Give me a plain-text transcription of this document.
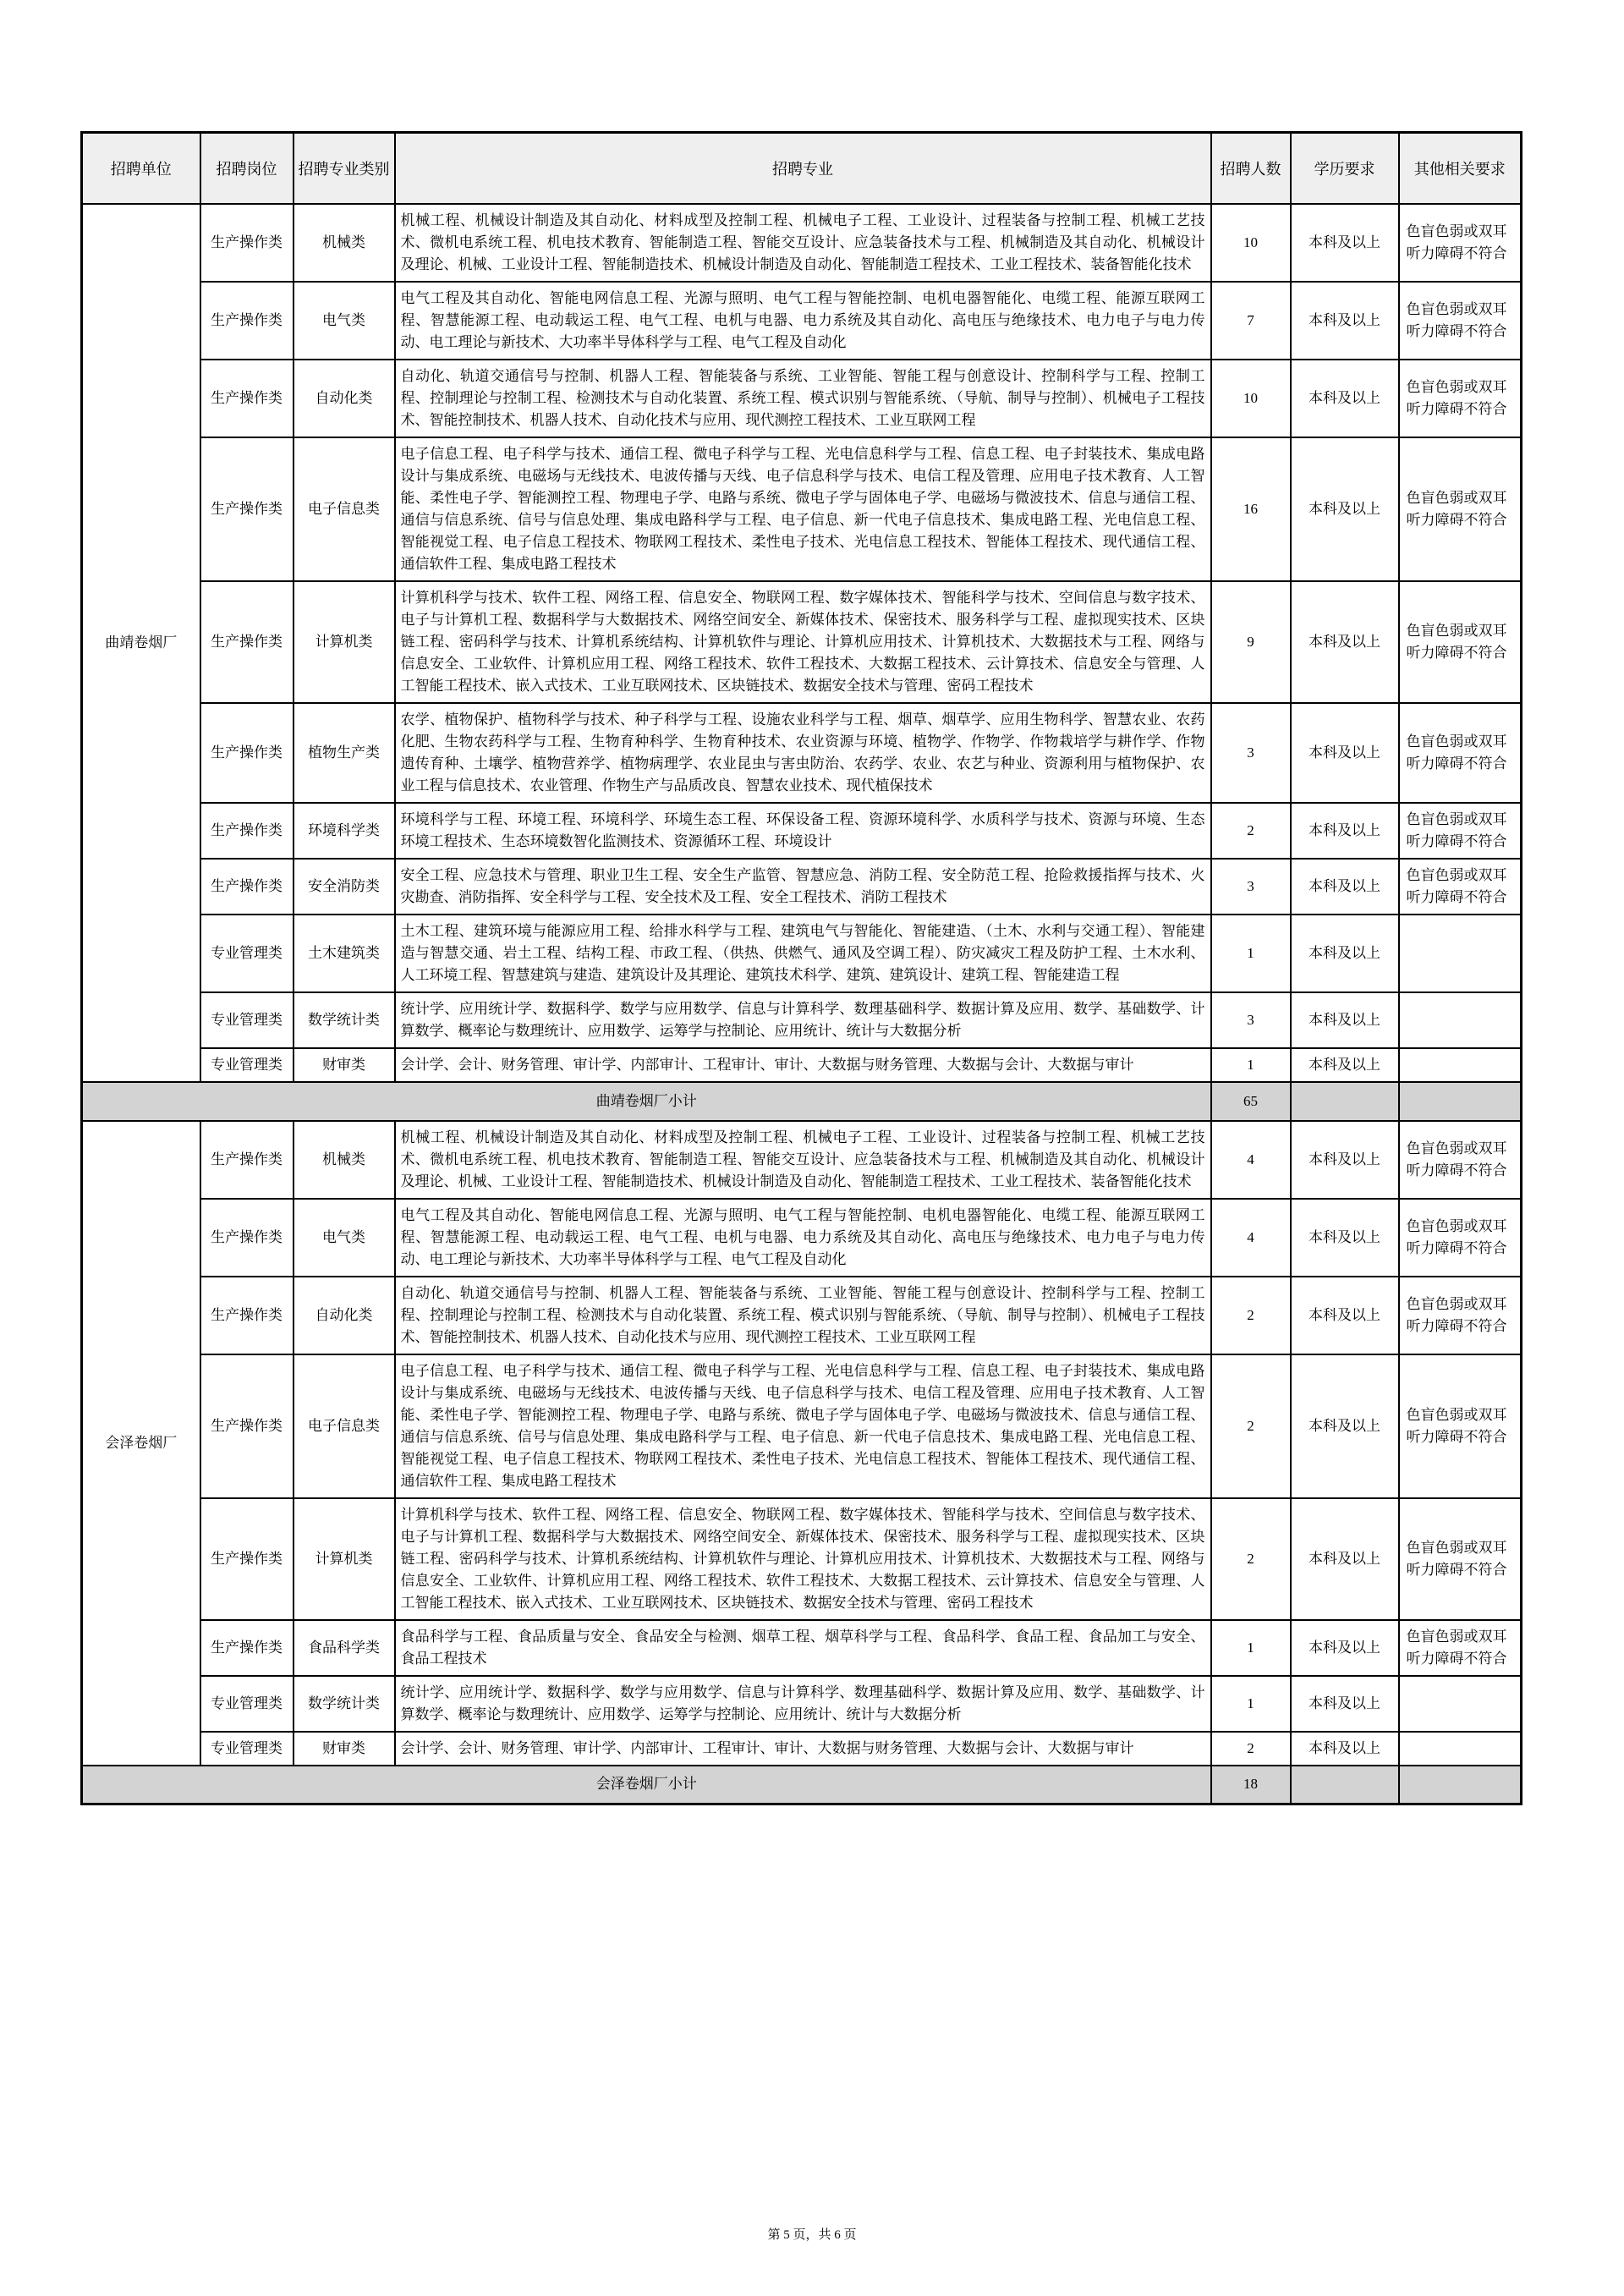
招聘单位	招聘岗位	招聘专业类别	招聘专业	招聘人数	学历要求	其他相关要求
曲靖卷烟厂	生产操作类	机械类	机械工程、机械设计制造及其自动化、材料成型及控制工程、机械电子工程、工业设计、过程装备与控制工程、机械工艺技术、微机电系统工程、机电技术教育、智能制造工程、智能交互设计、应急装备技术与工程、机械制造及其自动化、机械设计及理论、机械、工业设计工程、智能制造技术、机械设计制造及自动化、智能制造工程技术、工业工程技术、装备智能化技术	10	本科及以上	色盲色弱或双耳听力障碍不符合
	生产操作类	电气类	电气工程及其自动化、智能电网信息工程、光源与照明、电气工程与智能控制、电机电器智能化、电缆工程、能源互联网工程、智慧能源工程、电动载运工程、电气工程、电机与电器、电力系统及其自动化、高电压与绝缘技术、电力电子与电力传动、电工理论与新技术、大功率半导体科学与工程、电气工程及自动化	7	本科及以上	色盲色弱或双耳听力障碍不符合
	生产操作类	自动化类	自动化、轨道交通信号与控制、机器人工程、智能装备与系统、工业智能、智能工程与创意设计、控制科学与工程、控制工程、控制理论与控制工程、检测技术与自动化装置、系统工程、模式识别与智能系统、（导航、制导与控制）、机械电子工程技术、智能控制技术、机器人技术、自动化技术与应用、现代测控工程技术、工业互联网工程	10	本科及以上	色盲色弱或双耳听力障碍不符合
	生产操作类	电子信息类	电子信息工程、电子科学与技术、通信工程、微电子科学与工程、光电信息科学与工程、信息工程、电子封装技术、集成电路设计与集成系统、电磁场与无线技术、电波传播与天线、电子信息科学与技术、电信工程及管理、应用电子技术教育、人工智能、柔性电子学、智能测控工程、物理电子学、电路与系统、微电子学与固体电子学、电磁场与微波技术、信息与通信工程、通信与信息系统、信号与信息处理、集成电路科学与工程、电子信息、新一代电子信息技术、集成电路工程、光电信息工程、智能视觉工程、电子信息工程技术、物联网工程技术、柔性电子技术、光电信息工程技术、智能体工程技术、现代通信工程、通信软件工程、集成电路工程技术	16	本科及以上	色盲色弱或双耳听力障碍不符合
	生产操作类	计算机类	计算机科学与技术、软件工程、网络工程、信息安全、物联网工程、数字媒体技术、智能科学与技术、空间信息与数字技术、电子与计算机工程、数据科学与大数据技术、网络空间安全、新媒体技术、保密技术、服务科学与工程、虚拟现实技术、区块链工程、密码科学与技术、计算机系统结构、计算机软件与理论、计算机应用技术、计算机技术、大数据技术与工程、网络与信息安全、工业软件、计算机应用工程、网络工程技术、软件工程技术、大数据工程技术、云计算技术、信息安全与管理、人工智能工程技术、嵌入式技术、工业互联网技术、区块链技术、数据安全技术与管理、密码工程技术	9	本科及以上	色盲色弱或双耳听力障碍不符合
	生产操作类	植物生产类	农学、植物保护、植物科学与技术、种子科学与工程、设施农业科学与工程、烟草、烟草学、应用生物科学、智慧农业、农药化肥、生物农药科学与工程、生物育种科学、生物育种技术、农业资源与环境、植物学、作物学、作物栽培学与耕作学、作物遗传育种、土壤学、植物营养学、植物病理学、农业昆虫与害虫防治、农药学、农业、农艺与种业、资源利用与植物保护、农业工程与信息技术、农业管理、作物生产与品质改良、智慧农业技术、现代植保技术	3	本科及以上	色盲色弱或双耳听力障碍不符合
	生产操作类	环境科学类	环境科学与工程、环境工程、环境科学、环境生态工程、环保设备工程、资源环境科学、水质科学与技术、资源与环境、生态环境工程技术、生态环境数智化监测技术、资源循环工程、环境设计	2	本科及以上	色盲色弱或双耳听力障碍不符合
	生产操作类	安全消防类	安全工程、应急技术与管理、职业卫生工程、安全生产监管、智慧应急、消防工程、安全防范工程、抢险救援指挥与技术、火灾勘查、消防指挥、安全科学与工程、安全技术及工程、安全工程技术、消防工程技术	3	本科及以上	色盲色弱或双耳听力障碍不符合
	专业管理类	土木建筑类	土木工程、建筑环境与能源应用工程、给排水科学与工程、建筑电气与智能化、智能建造、（土木、水利与交通工程）、智能建造与智慧交通、岩土工程、结构工程、市政工程、（供热、供燃气、通风及空调工程）、防灾减灾工程及防护工程、土木水利、人工环境工程、智慧建筑与建造、建筑设计及其理论、建筑技术科学、建筑、建筑设计、建筑工程、智能建造工程	1	本科及以上	
	专业管理类	数学统计类	统计学、应用统计学、数据科学、数学与应用数学、信息与计算科学、数理基础科学、数据计算及应用、数学、基础数学、计算数学、概率论与数理统计、应用数学、运筹学与控制论、应用统计、统计与大数据分析	3	本科及以上	
	专业管理类	财审类	会计学、会计、财务管理、审计学、内部审计、工程审计、审计、大数据与财务管理、大数据与会计、大数据与审计	1	本科及以上	
曲靖卷烟厂小计				65		
会泽卷烟厂	生产操作类	机械类	机械工程、机械设计制造及其自动化、材料成型及控制工程、机械电子工程、工业设计、过程装备与控制工程、机械工艺技术、微机电系统工程、机电技术教育、智能制造工程、智能交互设计、应急装备技术与工程、机械制造及其自动化、机械设计及理论、机械、工业设计工程、智能制造技术、机械设计制造及自动化、智能制造工程技术、工业工程技术、装备智能化技术	4	本科及以上	色盲色弱或双耳听力障碍不符合
	生产操作类	电气类	电气工程及其自动化、智能电网信息工程、光源与照明、电气工程与智能控制、电机电器智能化、电缆工程、能源互联网工程、智慧能源工程、电动载运工程、电气工程、电机与电器、电力系统及其自动化、高电压与绝缘技术、电力电子与电力传动、电工理论与新技术、大功率半导体科学与工程、电气工程及自动化	4	本科及以上	色盲色弱或双耳听力障碍不符合
	生产操作类	自动化类	自动化、轨道交通信号与控制、机器人工程、智能装备与系统、工业智能、智能工程与创意设计、控制科学与工程、控制工程、控制理论与控制工程、检测技术与自动化装置、系统工程、模式识别与智能系统、（导航、制导与控制）、机械电子工程技术、智能控制技术、机器人技术、自动化技术与应用、现代测控工程技术、工业互联网工程	2	本科及以上	色盲色弱或双耳听力障碍不符合
	生产操作类	电子信息类	电子信息工程、电子科学与技术、通信工程、微电子科学与工程、光电信息科学与工程、信息工程、电子封装技术、集成电路设计与集成系统、电磁场与无线技术、电波传播与天线、电子信息科学与技术、电信工程及管理、应用电子技术教育、人工智能、柔性电子学、智能测控工程、物理电子学、电路与系统、微电子学与固体电子学、电磁场与微波技术、信息与通信工程、通信与信息系统、信号与信息处理、集成电路科学与工程、电子信息、新一代电子信息技术、集成电路工程、光电信息工程、智能视觉工程、电子信息工程技术、物联网工程技术、柔性电子技术、光电信息工程技术、智能体工程技术、现代通信工程、通信软件工程、集成电路工程技术	2	本科及以上	色盲色弱或双耳听力障碍不符合
	生产操作类	计算机类	计算机科学与技术、软件工程、网络工程、信息安全、物联网工程、数字媒体技术、智能科学与技术、空间信息与数字技术、电子与计算机工程、数据科学与大数据技术、网络空间安全、新媒体技术、保密技术、服务科学与工程、虚拟现实技术、区块链工程、密码科学与技术、计算机系统结构、计算机软件与理论、计算机应用技术、计算机技术、大数据技术与工程、网络与信息安全、工业软件、计算机应用工程、网络工程技术、软件工程技术、大数据工程技术、云计算技术、信息安全与管理、人工智能工程技术、嵌入式技术、工业互联网技术、区块链技术、数据安全技术与管理、密码工程技术	2	本科及以上	色盲色弱或双耳听力障碍不符合
	生产操作类	食品科学类	食品科学与工程、食品质量与安全、食品安全与检测、烟草工程、烟草科学与工程、食品科学、食品工程、食品加工与安全、食品工程技术	1	本科及以上	色盲色弱或双耳听力障碍不符合
	专业管理类	数学统计类	统计学、应用统计学、数据科学、数学与应用数学、信息与计算科学、数理基础科学、数据计算及应用、数学、基础数学、计算数学、概率论与数理统计、应用数学、运筹学与控制论、应用统计、统计与大数据分析	1	本科及以上	
	专业管理类	财审类	会计学、会计、财务管理、审计学、内部审计、工程审计、审计、大数据与财务管理、大数据与会计、大数据与审计	2	本科及以上	
会泽卷烟厂小计				18		
第 5 页，共 6 页
